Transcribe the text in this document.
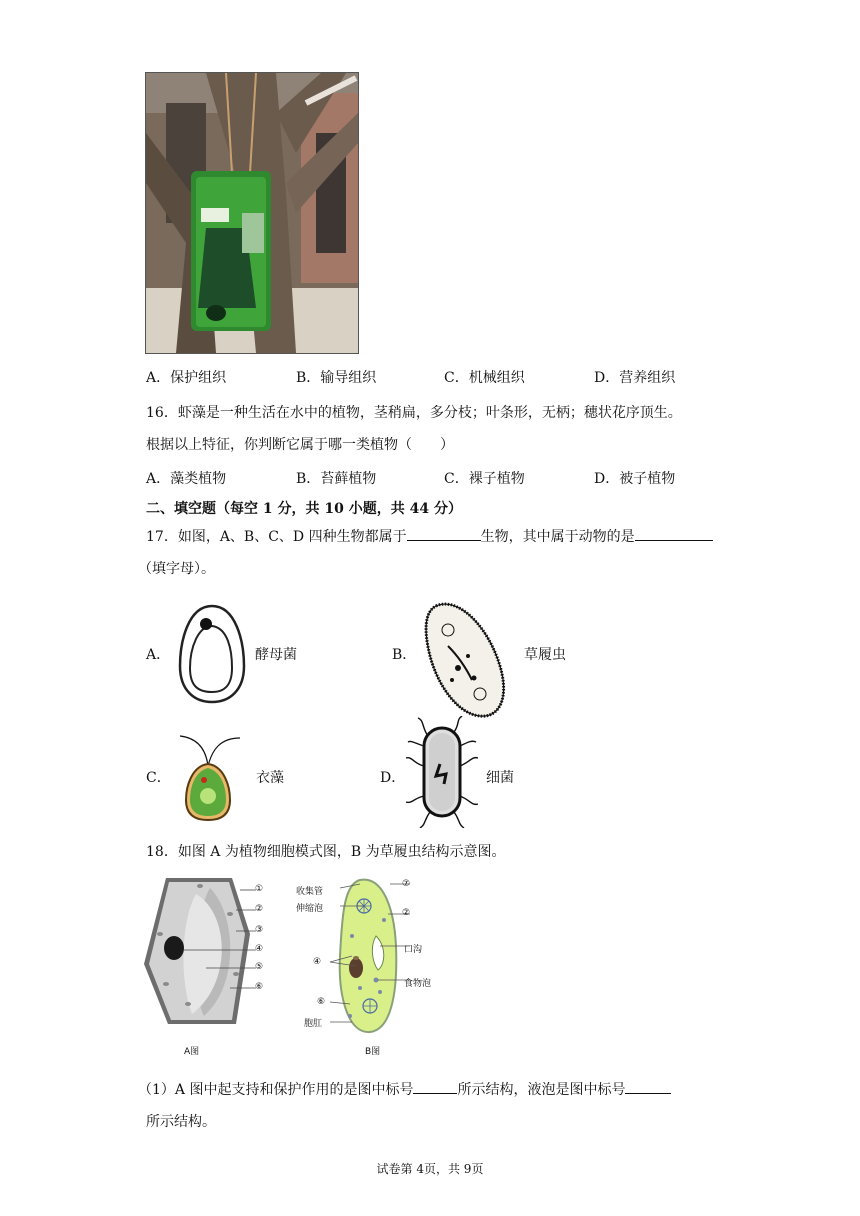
A．保护组织	B．输导组织	C．机械组织	D．营养组织
16．虾藻是一种生活在水中的植物，茎稍扁，多分枝；叶条形，无柄；穗状花序顶生。
根据以上特征，你判断它属于哪一类植物（　　）
A．藻类植物	B．苔藓植物	C．裸子植物	D．被子植物
二、填空题（每空 1 分，共 10 小题，共 44 分）
17．如图，A、B、C、D 四种生物都属于	生物，其中属于动物的是
（填字母）。
A．	酵母菌	B．	草履虫
C．	衣藻	D．	细菌
18．如图 A 为植物细胞模式图，B 为草履虫结构示意图。
①
②
③
④
⑤
⑥
A图
收集管
伸缩泡
⑦
②
口沟
食物泡
④
⑥
胞肛
B图
（1）A 图中起支持和保护作用的是图中标号	所示结构，液泡是图中标号
所示结构。
试卷第 4页，共 9页
